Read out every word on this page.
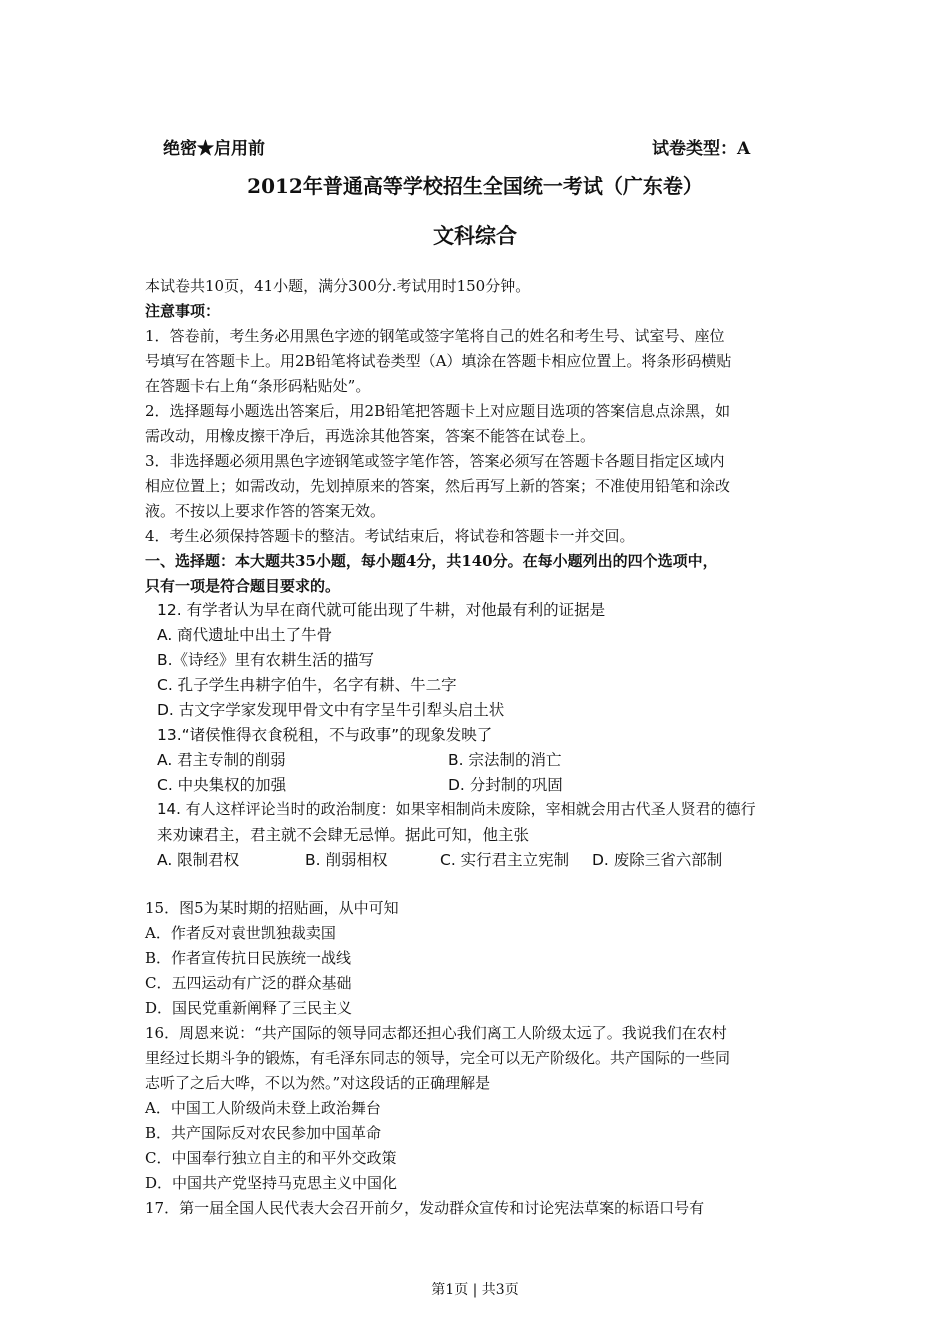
绝密★启用前	试卷类型：A
2012年普通高等学校招生全国统一考试（广东卷）
文科综合
本试卷共10页，41小题，满分300分.考试用时150分钟。
注意事项：
1．答卷前，考生务必用黑色字迹的钢笔或签字笔将自己的姓名和考生号、试室号、座位
号填写在答题卡上。用2B铅笔将试卷类型（A）填涂在答题卡相应位置上。将条形码横贴
在答题卡右上角“条形码粘贴处”。
2．选择题每小题选出答案后，用2B铅笔把答题卡上对应题目选项的答案信息点涂黑，如
需改动，用橡皮擦干净后，再选涂其他答案，答案不能答在试卷上。
3．非选择题必须用黑色字迹钢笔或签字笔作答，答案必须写在答题卡各题目指定区域内
相应位置上；如需改动，先划掉原来的答案，然后再写上新的答案；不准使用铅笔和涂改
液。不按以上要求作答的答案无效。
4．考生必须保持答题卡的整洁。考试结束后，将试卷和答题卡一并交回。
一、选择题：本大题共35小题，每小题4分，共140分。在每小题列出的四个选项中，
只有一项是符合题目要求的。
12. 有学者认为早在商代就可能出现了牛耕，对他最有利的证据是
A. 商代遗址中出土了牛骨
B.《诗经》里有农耕生活的描写
C. 孔子学生冉耕字伯牛，名字有耕、牛二字
D. 古文字学家发现甲骨文中有字呈牛引犁头启土状
13.“诸侯惟得衣食税租，不与政事”的现象发映了
A. 君主专制的削弱	B. 宗法制的消亡
C. 中央集权的加强	D. 分封制的巩固
14. 有人这样评论当时的政治制度：如果宰相制尚未废除，宰相就会用古代圣人贤君的德行
来劝谏君主，君主就不会肆无忌惮。据此可知，他主张
A. 限制君权	B. 削弱相权	C. 实行君主立宪制 D. 废除三省六部制
15．图5为某时期的招贴画，从中可知
A．作者反对袁世凯独裁卖国
B．作者宣传抗日民族统一战线
C．五四运动有广泛的群众基础
D．国民党重新阐释了三民主义
16．周恩来说：“共产国际的领导同志都还担心我们离工人阶级太远了。我说我们在农村
里经过长期斗争的锻炼，有毛泽东同志的领导，完全可以无产阶级化。共产国际的一些同
志听了之后大哗，不以为然。”对这段话的正确理解是
A．中国工人阶级尚未登上政治舞台
B．共产国际反对农民参加中国革命
C．中国奉行独立自主的和平外交政策
D．中国共产党坚持马克思主义中国化
17．第一届全国人民代表大会召开前夕，发动群众宣传和讨论宪法草案的标语口号有
第1页 | 共3页
